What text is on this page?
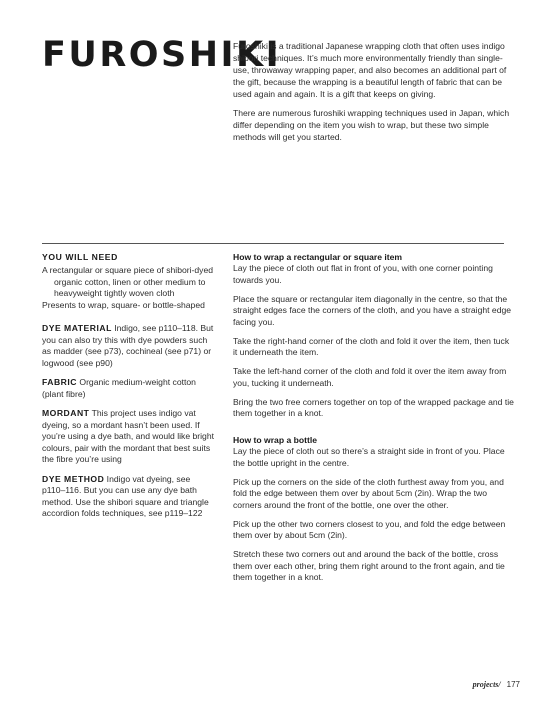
FUROSHIKI

Furoshiki is a traditional Japanese wrapping cloth that often uses indigo shibori techniques. It’s much more environmentally friendly than single-use, throwaway wrapping paper, and also becomes an additional part of the gift, because the wrapping is a beautiful length of fabric that can be used again and again. It is a gift that keeps on giving.

There are numerous furoshiki wrapping techniques used in Japan, which differ depending on the item you wish to wrap, but these two simple methods will get you started.

YOU WILL NEED
A rectangular or square piece of shibori-dyed organic cotton, linen or other medium to heavyweight tightly woven cloth
Presents to wrap, square- or bottle-shaped

DYE MATERIAL Indigo, see p110–118. But you can also try this with dye powders such as madder (see p73), cochineal (see p71) or logwood (see p90)

FABRIC Organic medium-weight cotton (plant fibre)

MORDANT This project uses indigo vat dyeing, so a mordant hasn’t been used. If you’re using a dye bath, and would like bright colours, pair with the mordant that best suits the fibre you’re using

DYE METHOD Indigo vat dyeing, see p110–116. But you can use any dye bath method. Use the shibori square and triangle accordion folds techniques, see p119–122

How to wrap a rectangular or square item

Lay the piece of cloth out flat in front of you, with one corner pointing towards you.

Place the square or rectangular item diagonally in the centre, so that the straight edges face the corners of the cloth, and you have a straight edge facing you.

Take the right-hand corner of the cloth and fold it over the item, then tuck it underneath the item.

Take the left-hand corner of the cloth and fold it over the item away from you, tucking it underneath.

Bring the two free corners together on top of the wrapped package and tie them together in a knot.

How to wrap a bottle

Lay the piece of cloth out so there’s a straight side in front of you. Place the bottle upright in the centre.

Pick up the corners on the side of the cloth furthest away from you, and fold the edge between them over by about 5cm (2in). Wrap the two corners around the front of the bottle, one over the other.

Pick up the other two corners closest to you, and fold the edge between them over by about 5cm (2in).

Stretch these two corners out and around the back of the bottle, cross them over each other, bring them right around to the front again, and tie them together in a knot.

projects/ 177
